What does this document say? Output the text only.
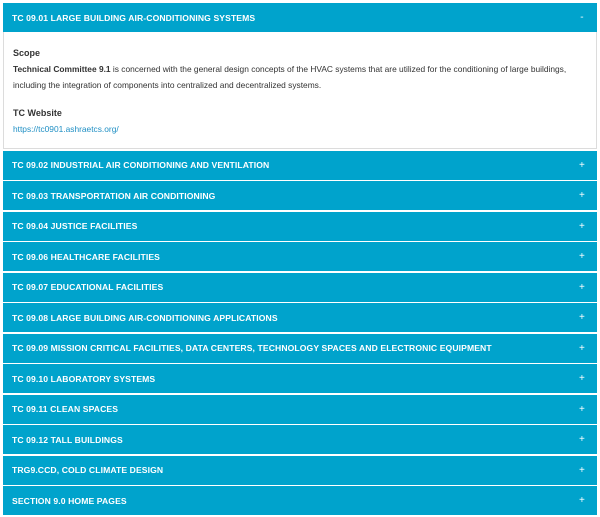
TC 09.01 LARGE BUILDING AIR-CONDITIONING SYSTEMS	-
Scope

Technical Committee 9.1 is concerned with the general design concepts of the HVAC systems that are utilized for the conditioning of large buildings, including the integration of components into centralized and decentralized systems.

TC Website
https://tc0901.ashraetcs.org/
TC 09.02 INDUSTRIAL AIR CONDITIONING AND VENTILATION	+
TC 09.03 TRANSPORTATION AIR CONDITIONING	+
TC 09.04 JUSTICE FACILITIES	+
TC 09.06 HEALTHCARE FACILITIES	+
TC 09.07 EDUCATIONAL FACILITIES	+
TC 09.08 LARGE BUILDING AIR-CONDITIONING APPLICATIONS	+
TC 09.09 MISSION CRITICAL FACILITIES, DATA CENTERS, TECHNOLOGY SPACES AND ELECTRONIC EQUIPMENT	+
TC 09.10 LABORATORY SYSTEMS	+
TC 09.11 CLEAN SPACES	+
TC 09.12 TALL BUILDINGS	+
TRG9.CCD, COLD CLIMATE DESIGN	+
SECTION 9.0 HOME PAGES	+
